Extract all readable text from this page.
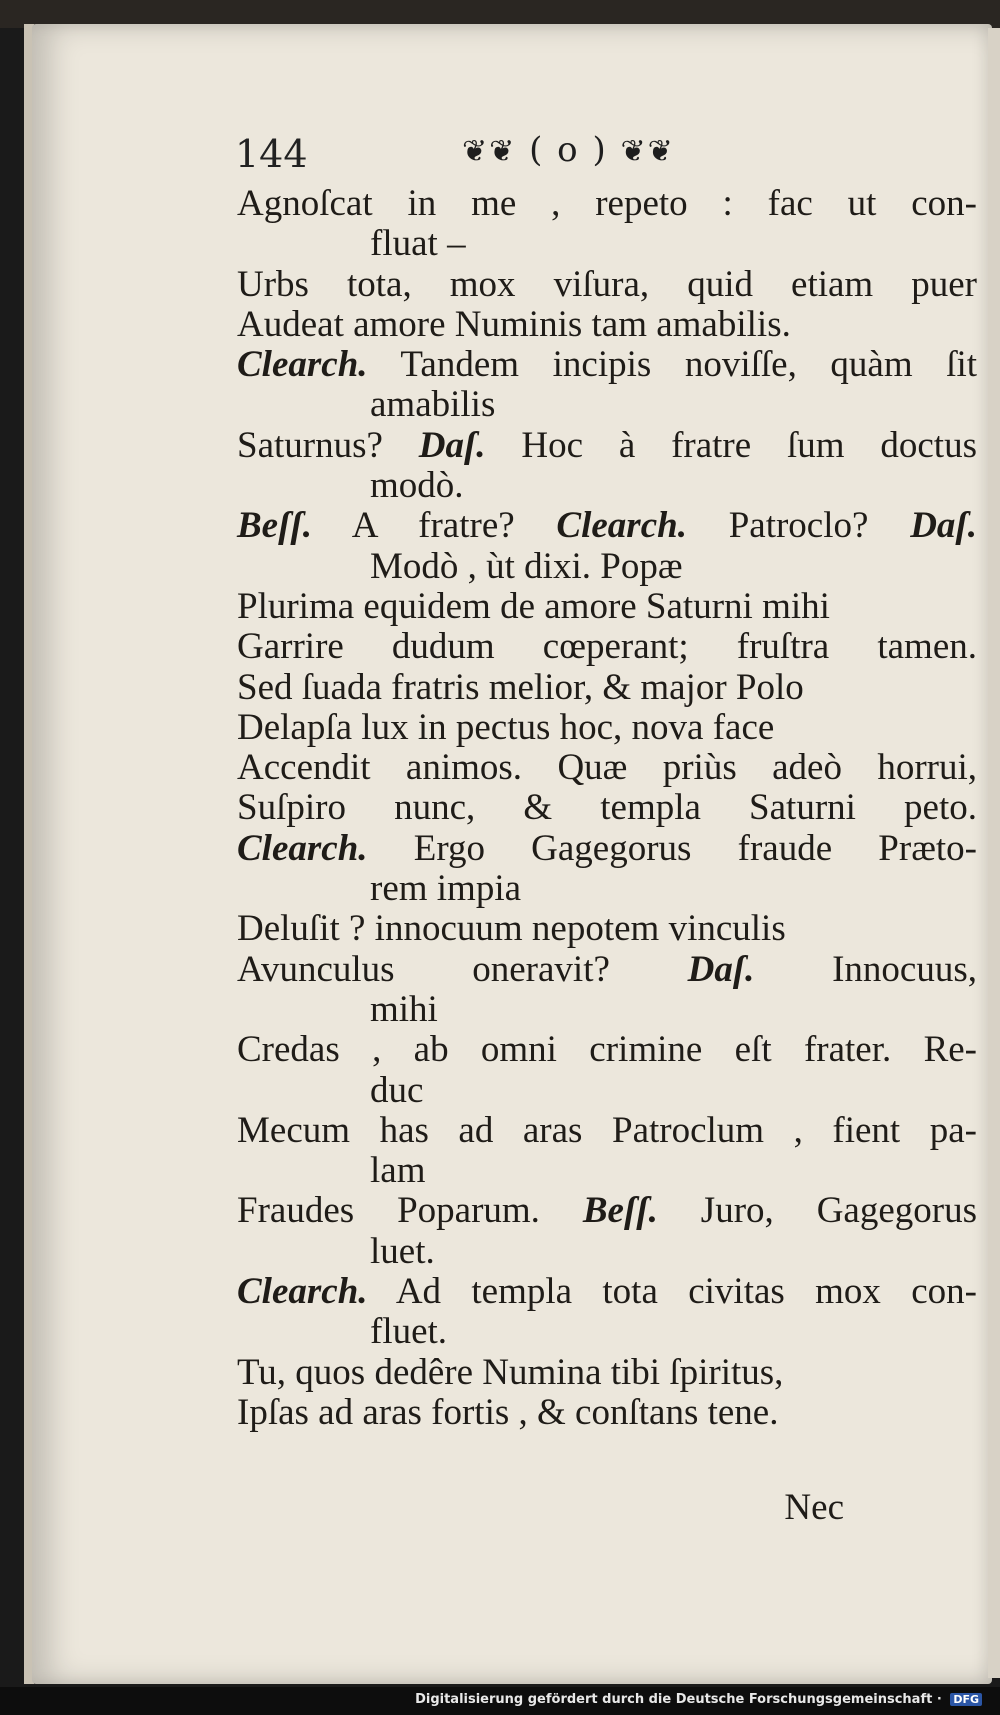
144	❦❦ ( o ) ❦❦
Agnoſcat in me , repeto : fac ut con-
fluat –
Urbs tota, mox viſura, quid etiam puer
Audeat amore Numinis tam amabilis.
Clearch. Tandem incipis noviſſe, quàm ſit
amabilis
Saturnus? Daſ. Hoc à fratre ſum doctus
modò.
Beſſ. A fratre? Clearch. Patroclo? Daſ.
Modò , ùt dixi. Popæ
Plurima equidem de amore Saturni mihi
Garrire dudum cœperant; fruſtra tamen.
Sed ſuada fratris melior, & major Polo
Delapſa lux in pectus hoc, nova face
Accendit animos. Quæ priùs adeò horrui,
Suſpiro nunc, & templa Saturni peto.
Clearch. Ergo Gagegorus fraude Præto-
rem impia
Deluſit ? innocuum nepotem vinculis
Avunculus oneravit? Daſ. Innocuus,
mihi
Credas , ab omni crimine eſt frater. Re-
duc
Mecum has ad aras Patroclum , fient pa-
lam
Fraudes Poparum. Beſſ. Juro, Gagegorus
luet.
Clearch. Ad templa tota civitas mox con-
fluet.
Tu, quos dedêre Numina tibi ſpiritus,
Ipſas ad aras fortis , & conſtans tene.
Nec
Digitalisierung gefördert durch die Deutsche Forschungsgemeinschaft · DFG
